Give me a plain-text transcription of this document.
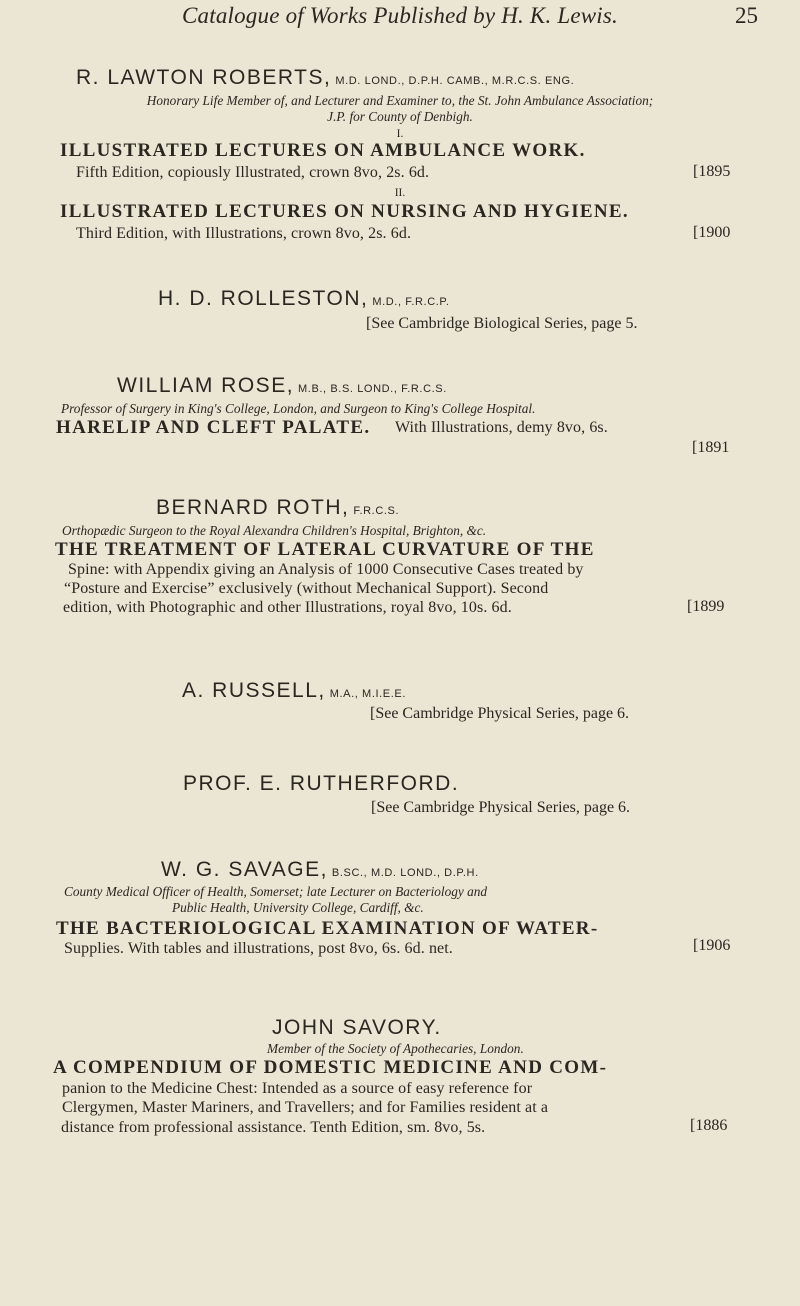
Catalogue of Works Published by H. K. Lewis.	25
R. LAWTON ROBERTS, M.D. LOND., D.P.H. CAMB., M.R.C.S. ENG.
Honorary Life Member of, and Lecturer and Examiner to, the St. John Ambulance Association;
J.P. for County of Denbigh.
I.
ILLUSTRATED LECTURES ON AMBULANCE WORK.
Fifth Edition, copiously Illustrated, crown 8vo, 2s. 6d.	[1895
II.
ILLUSTRATED LECTURES ON NURSING AND HYGIENE.
Third Edition, with Illustrations, crown 8vo, 2s. 6d.	[1900
H. D. ROLLESTON, M.D., F.R.C.P.
[See Cambridge Biological Series, page 5.
WILLIAM ROSE, M.B., B.S. LOND., F.R.C.S.
Professor of Surgery in King's College, London, and Surgeon to King's College Hospital.
HARELIP AND CLEFT PALATE. With Illustrations, demy 8vo, 6s.
[1891
BERNARD ROTH, F.R.C.S.
Orthopædic Surgeon to the Royal Alexandra Children's Hospital, Brighton, &c.
THE TREATMENT OF LATERAL CURVATURE OF THE
Spine: with Appendix giving an Analysis of 1000 Consecutive Cases treated by
“Posture and Exercise” exclusively (without Mechanical Support). Second
edition, with Photographic and other Illustrations, royal 8vo, 10s. 6d.	[1899
A. RUSSELL, M.A., M.I.E.E.
[See Cambridge Physical Series, page 6.
PROF. E. RUTHERFORD.
[See Cambridge Physical Series, page 6.
W. G. SAVAGE, B.SC., M.D. LOND., D.P.H.
County Medical Officer of Health, Somerset; late Lecturer on Bacteriology and
Public Health, University College, Cardiff, &c.
THE BACTERIOLOGICAL EXAMINATION OF WATER-
Supplies. With tables and illustrations, post 8vo, 6s. 6d. net.	[1906
JOHN SAVORY.
Member of the Society of Apothecaries, London.
A COMPENDIUM OF DOMESTIC MEDICINE AND COM-
panion to the Medicine Chest: Intended as a source of easy reference for
Clergymen, Master Mariners, and Travellers; and for Families resident at a
distance from professional assistance. Tenth Edition, sm. 8vo, 5s.	[1886
